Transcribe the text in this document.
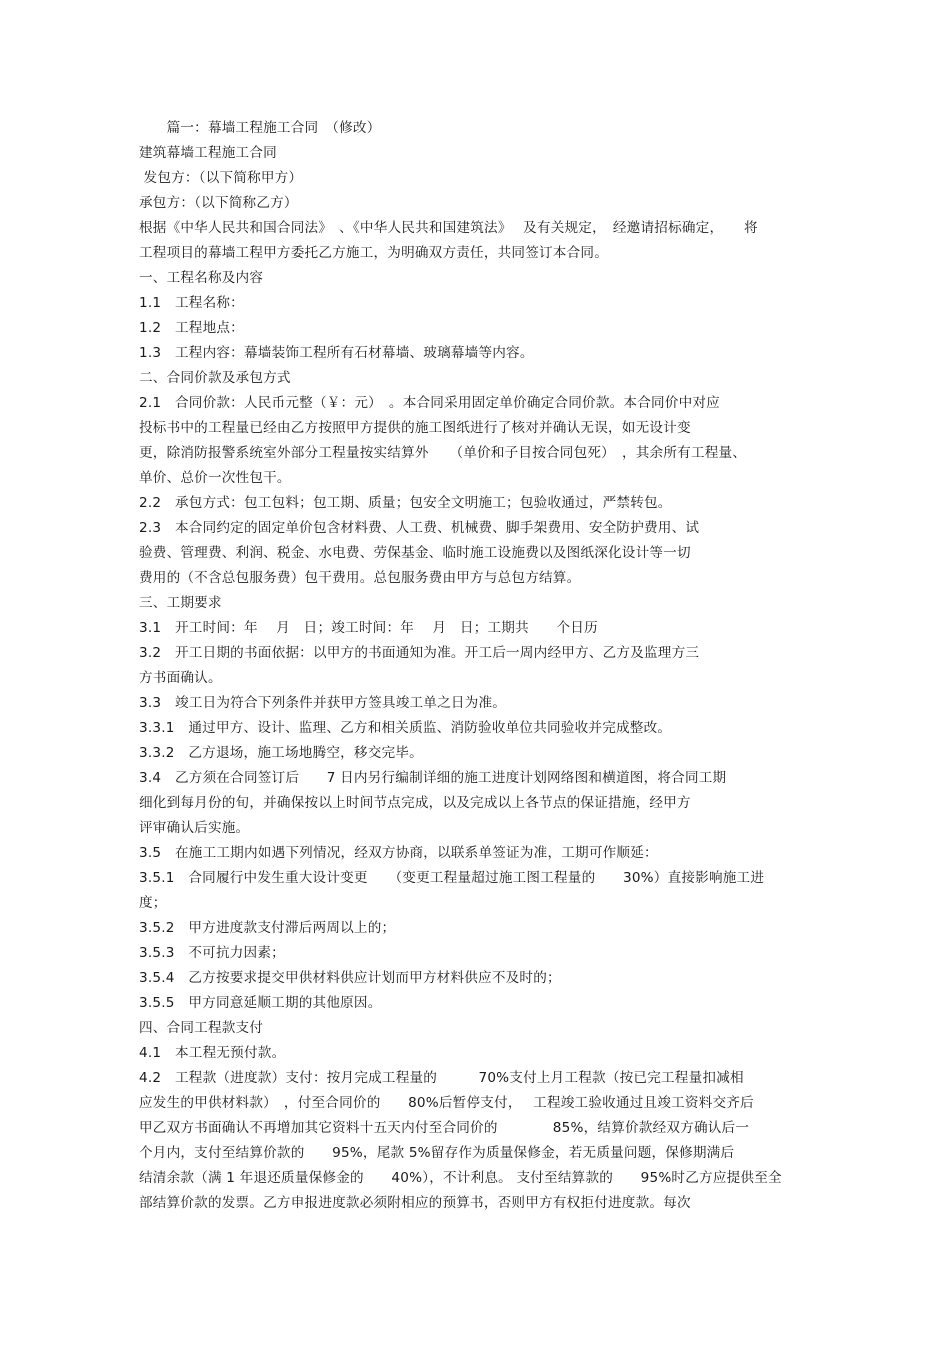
　　篇一：幕墙工程施工合同　（修改）
建筑幕墙工程施工合同
发包方：（以下简称甲方）
承包方：（以下简称乙方）
根据《中华人民共和国合同法》　、《中华人民共和国建筑法》　 及有关规定，　经邀请招标确定，　　将
工程项目的幕墙工程甲方委托乙方施工，为明确双方责任，共同签订本合同。
一、工程名称及内容
1.1　工程名称：
1.2　工程地点：
1.3　工程内容：幕墙装饰工程所有石材幕墙、玻璃幕墙等内容。
二、合同价款及承包方式
2.1　合同价款：人民币元整（￥：元）　。本合同采用固定单价确定合同价款。本合同价中对应
投标书中的工程量已经由乙方按照甲方提供的施工图纸进行了核对并确认无误，如无设计变
更，除消防报警系统室外部分工程量按实结算外　　（单价和子目按合同包死）　，其余所有工程量、
单价、总价一次性包干。
2.2　承包方式：包工包料；包工期、质量；包安全文明施工；包验收通过，严禁转包。
2.3　本合同约定的固定单价包含材料费、人工费、机械费、脚手架费用、安全防护费用、试
验费、管理费、利润、税金、水电费、劳保基金、临时施工设施费以及图纸深化设计等一切
费用的（不含总包服务费）包干费用。总包服务费由甲方与总包方结算。
三、工期要求
3.1　开工时间：年　 月　日；竣工时间：年　 月　日；工期共　　个日历
3.2　开工日期的书面依据：以甲方的书面通知为准。开工后一周内经甲方、乙方及监理方三
方书面确认。
3.3　竣工日为符合下列条件并获甲方签具竣工单之日为准。
3.3.1　通过甲方、设计、监理、乙方和相关质监、消防验收单位共同验收并完成整改。
3.3.2　乙方退场，施工场地腾空，移交完毕。
3.4　乙方须在合同签订后　　7 日内另行编制详细的施工进度计划网络图和横道图，将合同工期
细化到每月份的旬，并确保按以上时间节点完成，以及完成以上各节点的保证措施，经甲方
评审确认后实施。
3.5　在施工工期内如遇下列情况，经双方协商，以联系单签证为准，工期可作顺延：
3.5.1　合同履行中发生重大设计变更　　（变更工程量超过施工图工程量的　　30%）直接影响施工进
度；
3.5.2　甲方进度款支付滞后两周以上的；
3.5.3　不可抗力因素；
3.5.4　乙方按要求提交甲供材料供应计划而甲方材料供应不及时的；
3.5.5　甲方同意延顺工期的其他原因。
四、合同工程款支付
4.1　本工程无预付款。
4.2　工程款（进度款）支付：按月完成工程量的　　　70%支付上月工程款（按已完工程量扣减相
应发生的甲供材料款）　，付至合同价的　　80%后暂停支付，　 工程竣工验收通过且竣工资料交齐后
甲乙双方书面确认不再增加其它资料十五天内付至合同价的　　　　85%，结算价款经双方确认后一
个月内，支付至结算价款的　　95%，尾款 5%留存作为质量保修金，若无质量问题，保修期满后
结清余款（满 1 年退还质量保修金的　　40%），不计利息。 支付至结算款的　　95%时乙方应提供至全
部结算价款的发票。乙方申报进度款必须附相应的预算书，否则甲方有权拒付进度款。每次
